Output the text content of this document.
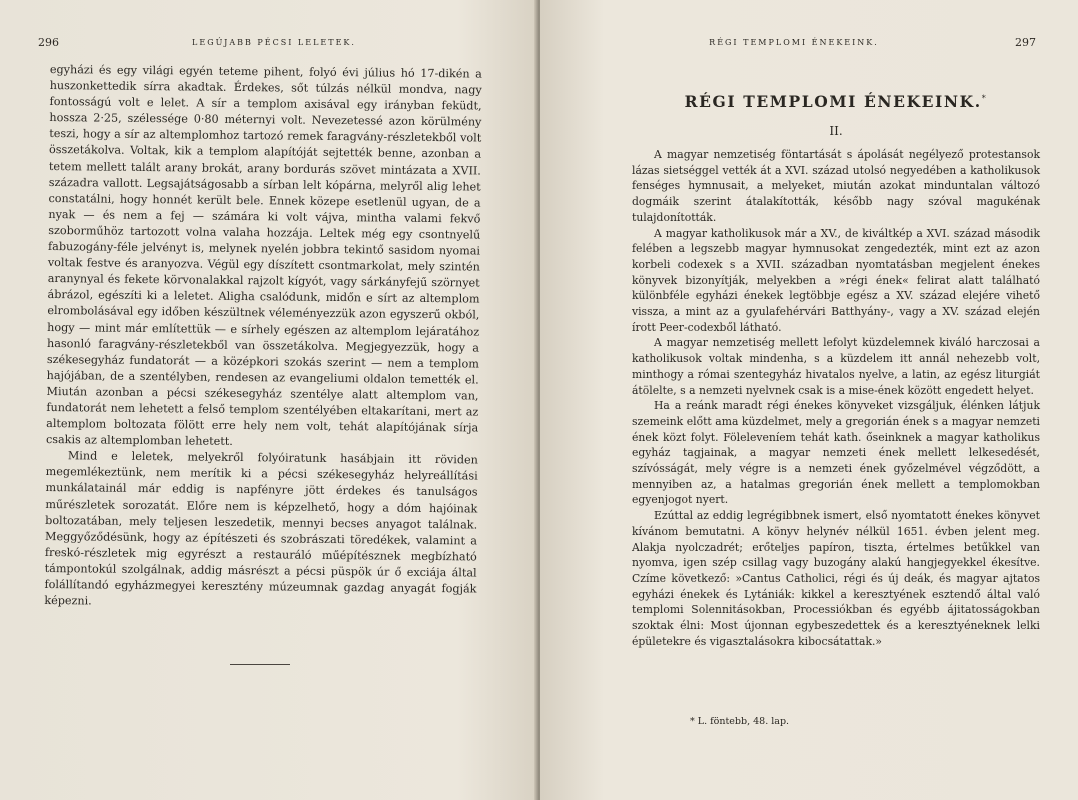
296	LEGÚJABB PÉCSI LELETEK.

egyházi és egy világi egyén teteme pihent, folyó évi július hó 17-dikén a huszonkettedik sírra akadtak. Érdekes, sőt túlzás nélkül mondva, nagy fontosságú volt e lelet. A sír a templom axisával egy irányban feküdt, hossza 2·25, szélessége 0·80 méternyi volt. Nevezetessé azon körülmény teszi, hogy a sír az altemplomhoz tartozó remek faragvány-részletekből volt összetákolva. Voltak, kik a templom alapítóját sejtették benne, azonban a tetem mellett talált arany brokát, arany bordurás szövet mintázata a XVII. századra vallott. Legsajátságosabb a sírban lelt kópárna, melyről alig lehet constatálni, hogy honnét került bele. Ennek közepe esetlenül ugyan, de a nyak — és nem a fej — számára ki volt vájva, mintha valami fekvő szoborműhöz tartozott volna valaha hozzája. Leltek még egy csontnyelű fabuzogány-féle jelvényt is, melynek nyelén jobbra tekintő sasidom nyomai voltak festve és aranyozva. Végül egy díszített csontmarkolat, mely szintén aranynyal és fekete körvonalakkal rajzolt kígyót, vagy sárkányfejű szörnyet ábrázol, egészíti ki a leletet. Aligha csalódunk, midőn e sírt az altemplom elrombolásával egy időben készültnek véleményezzük azon egyszerű okból, hogy — mint már említettük — e sírhely egészen az altemplom lejáratához hasonló faragvány-részletekből van összetákolva. Megjegyezzük, hogy a székesegyház fundatorát — a középkori szokás szerint — nem a templom hajójában, de a szentélyben, rendesen az evangeliumi oldalon temették el. Miután azonban a pécsi székesegyház szentélye alatt altemplom van, fundatorát nem lehetett a felső templom szentélyében eltakarítani, mert az altemplom boltozata fölött erre hely nem volt, tehát alapítójának sírja csakis az altemplomban lehetett.

Mind e leletek, melyekről folyóiratunk hasábjain itt röviden megemlékeztünk, nem merítik ki a pécsi székesegyház helyreállítási munkálatainál már eddig is napfényre jött érdekes és tanulságos műrészletek sorozatát. Előre nem is képzelhető, hogy a dóm hajóinak boltozatában, mely teljesen leszedetik, mennyi becses anyagot találnak. Meggyőződésünk, hogy az építészeti és szobrászati töredékek, valamint a freskó-részletek mig egyrészt a restauráló műépítésznek megbízható támpontokúl szolgálnak, addig másrészt a pécsi püspök úr ő exciája által folállítandó egyházmegyei keresztény múzeumnak gazdag anyagát fogják képezni.

RÉGI TEMPLOMI ÉNEKEINK.	297
RÉGI TEMPLOMI ÉNEKEINK.*
II.

A magyar nemzetiség föntartását s ápolását negélyező protestansok lázas sietséggel vették át a XVI. század utolsó negyedében a katholikusok fenséges hymnusait, a melyeket, miután azokat minduntalan változó dogmáik szerint átalakították, később nagy szóval magukénak tulajdonították.

A magyar katholikusok már a XV., de kiváltkép a XVI. század második felében a legszebb magyar hymnusokat zengedezték, mint ezt az azon korbeli codexek s a XVII. században nyomtatásban megjelent énekes könyvek bizonyítják, melyekben a »régi ének« felirat alatt található különbféle egyházi énekek legtöbbje egész a XV. század elejére vihető vissza, a mint az a gyulafehérvári Batthyány-, vagy a XV. század elején írott Peer-codexből látható.

A magyar nemzetiség mellett lefolyt küzdelemnek kiváló harczosai a katholikusok voltak mindenha, s a küzdelem itt annál nehezebb volt, minthogy a római szentegyház hivatalos nyelve, a latin, az egész liturgiát átölelte, s a nemzeti nyelvnek csak is a mise-ének között engedett helyet.

Ha a reánk maradt régi énekes könyveket vizsgáljuk, élénken látjuk szemeink előtt ama küzdelmet, mely a gregorián ének s a magyar nemzeti ének közt folyt. Föleleveníem tehát kath. őseinknek a magyar katholikus egyház tagjainak, a magyar nemzeti ének mellett lelkesedését, szívósságát, mely végre is a nemzeti ének győzelmével végződött, a mennyiben az, a hatalmas gregorián ének mellett a templomokban egyenjogot nyert.

Ezúttal az eddig legrégibbnek ismert, első nyomtatott énekes könyvet kívánom bemutatni. A könyv helynév nélkül 1651. évben jelent meg. Alakja nyolczadrét; erőteljes papíron, tiszta, értelmes betűkkel van nyomva, igen szép csillag vagy buzogány alakú hangjegyekkel ékesítve. Czíme következő: »Cantus Catholici, régi és új deák, és magyar ajtatos egyházi énekek és Lytániák: kikkel a keresztyének esztendő által való templomi Solennitásokban, Processiókban és egyébb ájitatosságokban szoktak élni: Most újonnan egybeszedettek és a keresztyéneknek lelki épületekre és vigasztalásokra kibocsátattak.»

* L. föntebb, 48. lap.
